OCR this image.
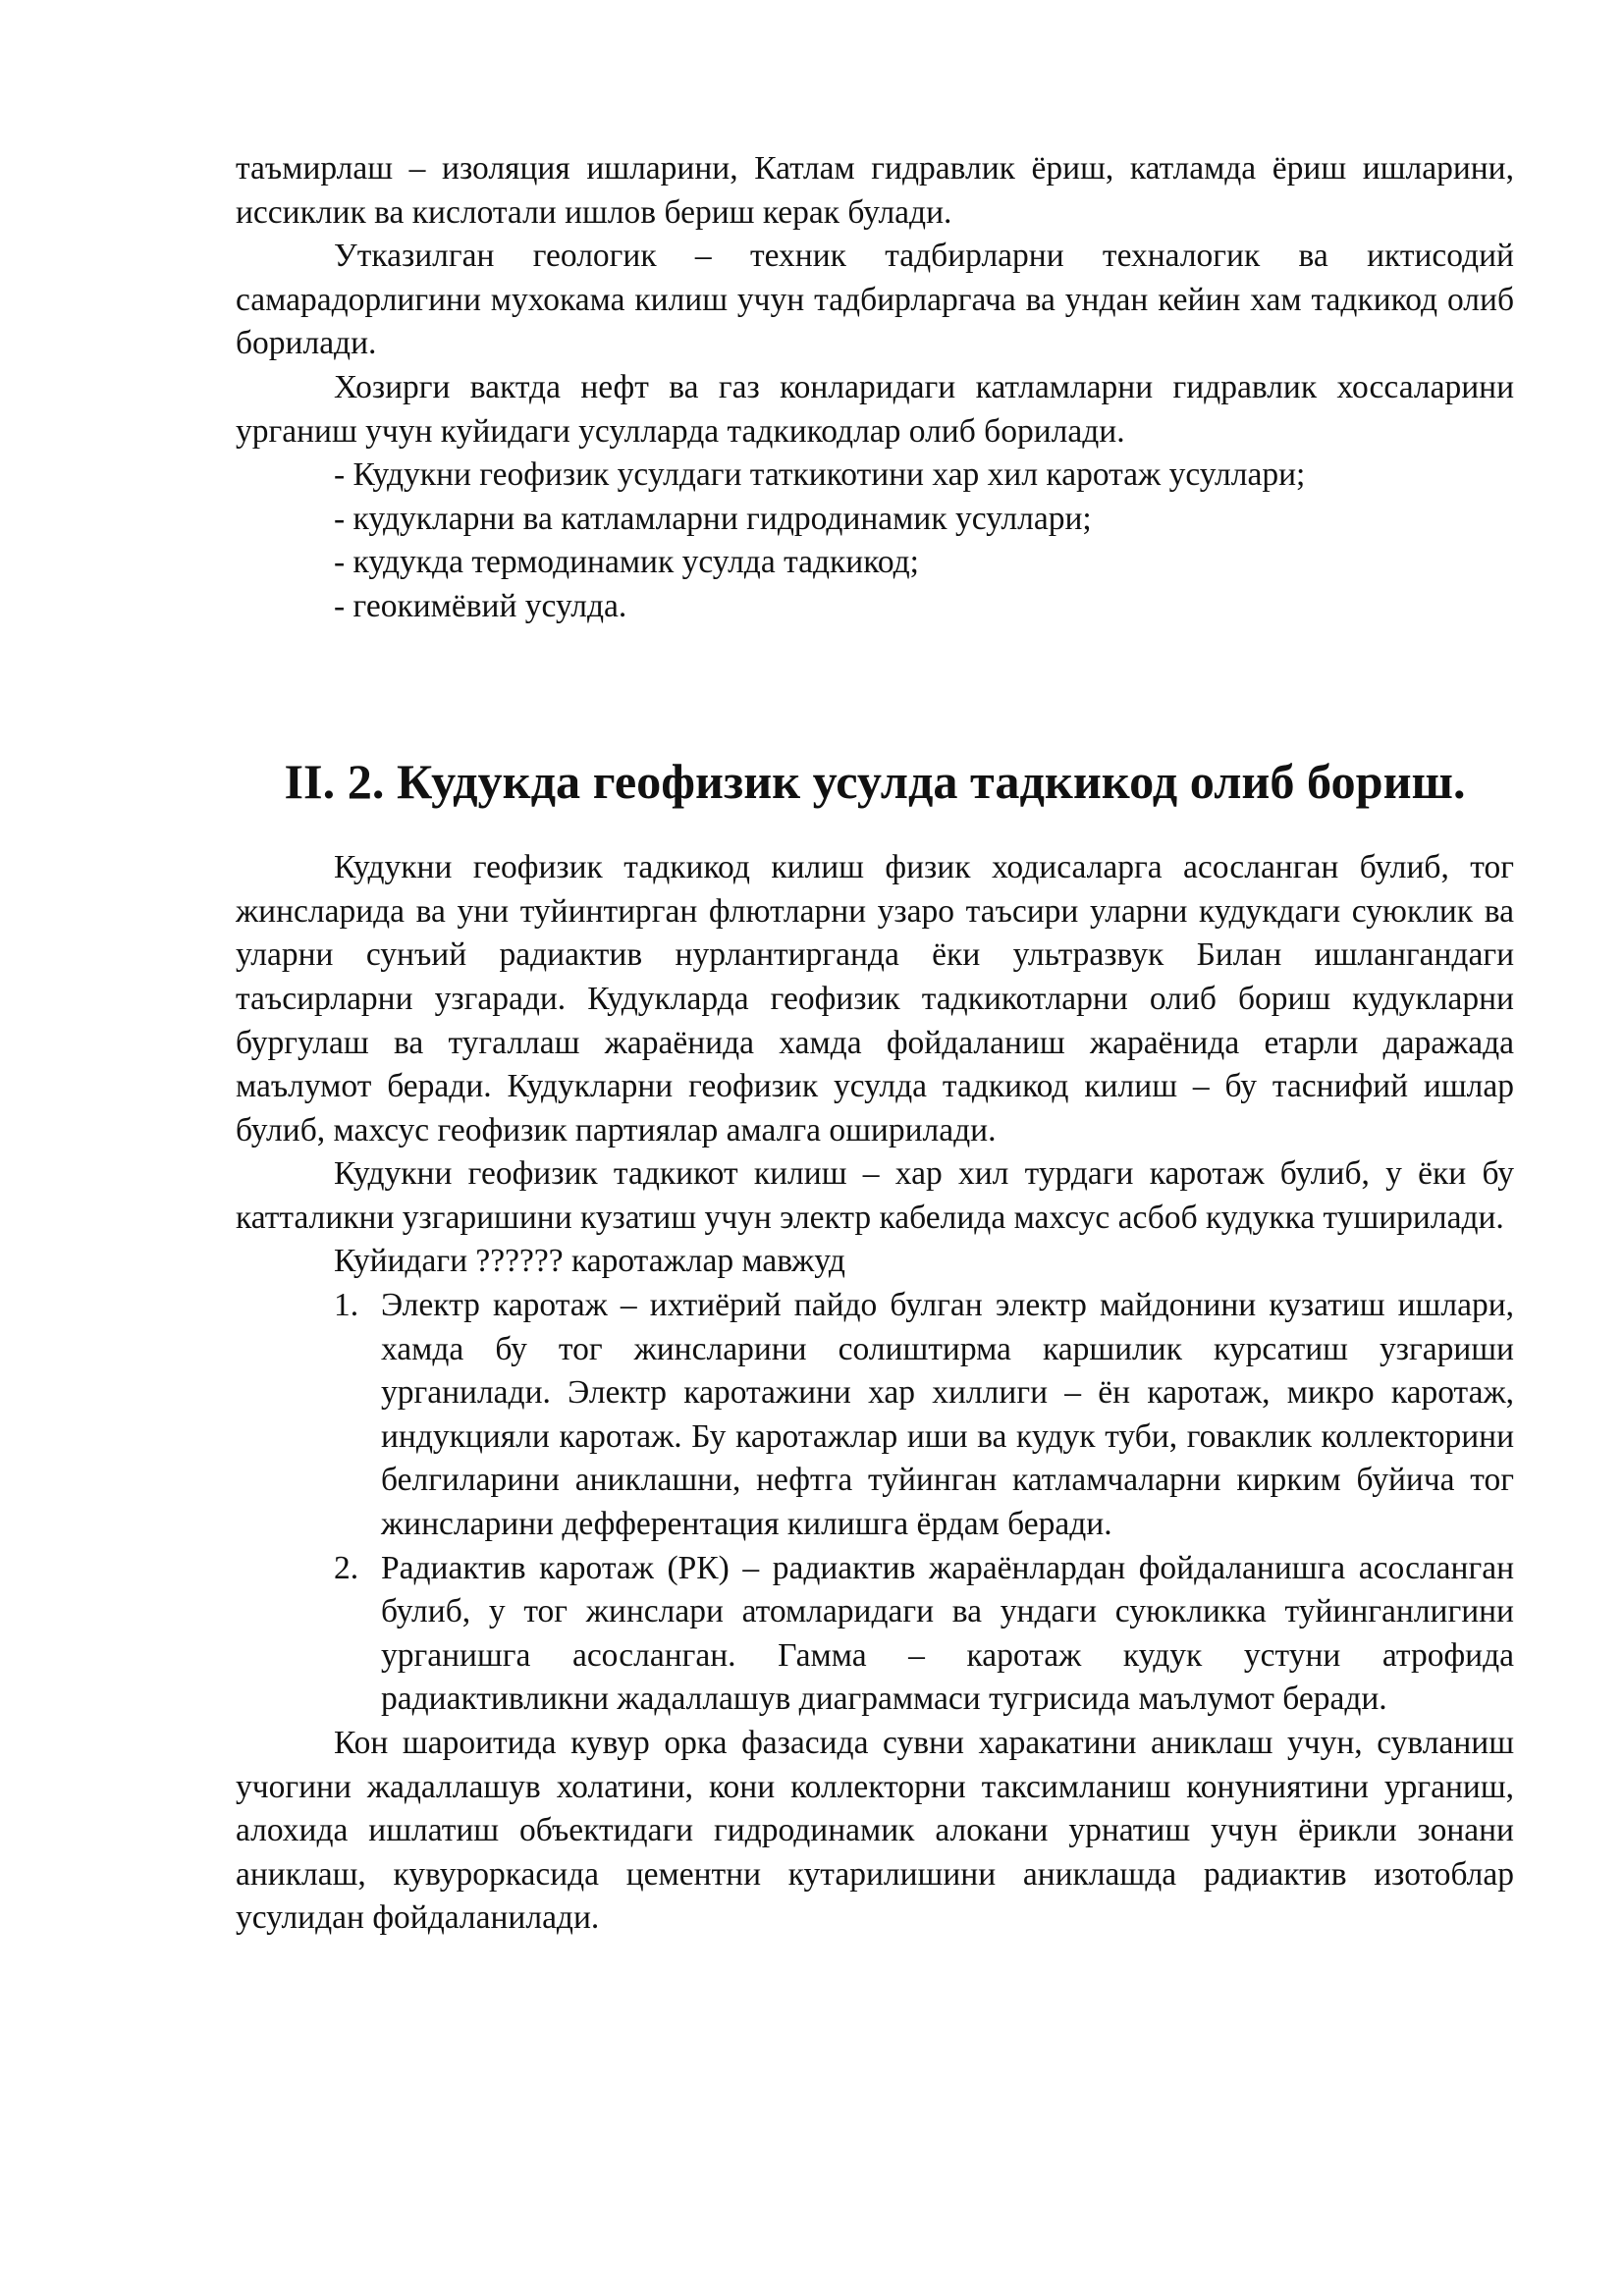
таъмирлаш – изоляция ишларини, Катлам гидравлик ёриш, катламда ёриш ишларини, иссиклик ва кислотали ишлов бериш керак булади.

Утказилган геологик – техник тадбирларни техналогик ва иктисодий самарадорлигини мухокама килиш учун тадбирларгача ва ундан кейин хам тадкикод олиб борилади.

Хозирги вактда нефт ва газ конларидаги катламларни гидравлик хоссаларини урганиш учун куйидаги усулларда тадкикодлар олиб борилади.

- Кудукни геофизик усулдаги таткикотини хар хил каротаж усуллари;

- кудукларни ва катламларни гидродинамик усуллари;

- кудукда термодинамик усулда тадкикод;

- геокимёвий усулда.

II. 2. Кудукда геофизик усулда тадкикод олиб бориш.

Кудукни геофизик тадкикод килиш физик ходисаларга асосланган булиб, тог жинсларида ва уни туйинтирган флютларни узаро таъсири уларни кудукдаги суюклик ва уларни сунъий радиактив нурлантирганда ёки ультразвук Билан ишлангандаги таъсирларни узгаради. Кудукларда геофизик тадкикотларни олиб бориш кудукларни бургулаш ва тугаллаш жараёнида хамда фойдаланиш жараёнида етарли даражада маълумот беради. Кудукларни геофизик усулда тадкикод килиш – бу таснифий ишлар булиб, махсус геофизик партиялар амалга оширилади.

Кудукни геофизик тадкикот килиш – хар хил турдаги каротаж булиб, у ёки бу катталикни узгаришини кузатиш учун электр кабелида махсус асбоб кудукка туширилади.

Куйидаги ?????? каротажлар мавжуд

1. Электр каротаж – ихтиёрий пайдо булган электр майдонини кузатиш ишлари, хамда бу тог жинсларини солиштирма каршилик курсатиш узгариши урганилади. Электр каротажини хар хиллиги – ён каротаж, микро каротаж, индукцияли каротаж. Бу каротажлар иши ва кудук туби, говаклик коллекторини белгиларини аниклашни, нефтга туйинган катламчаларни кирким буйича тог жинсларини дефферентация килишга ёрдам беради.
2. Радиактив каротаж (РК) – радиактив жараёнлардан фойдаланишга асосланган булиб, у тог жинслари атомларидаги ва ундаги суюкликка туйинганлигини урганишга асосланган. Гамма – каротаж кудук устуни атрофида радиактивликни жадаллашув диаграммаси тугрисида маълумот беради.

Кон шароитида кувур орка фазасида сувни харакатини аниклаш учун, сувланиш учогини жадаллашув холатини, кони коллекторни таксимланиш конуниятини урганиш, алохида ишлатиш объектидаги гидродинамик алокани урнатиш учун ёрикли зонани аниклаш, кувуроркасида цементни кутарилишини аниклашда радиактив изотоблар усулидан фойдаланилади.
